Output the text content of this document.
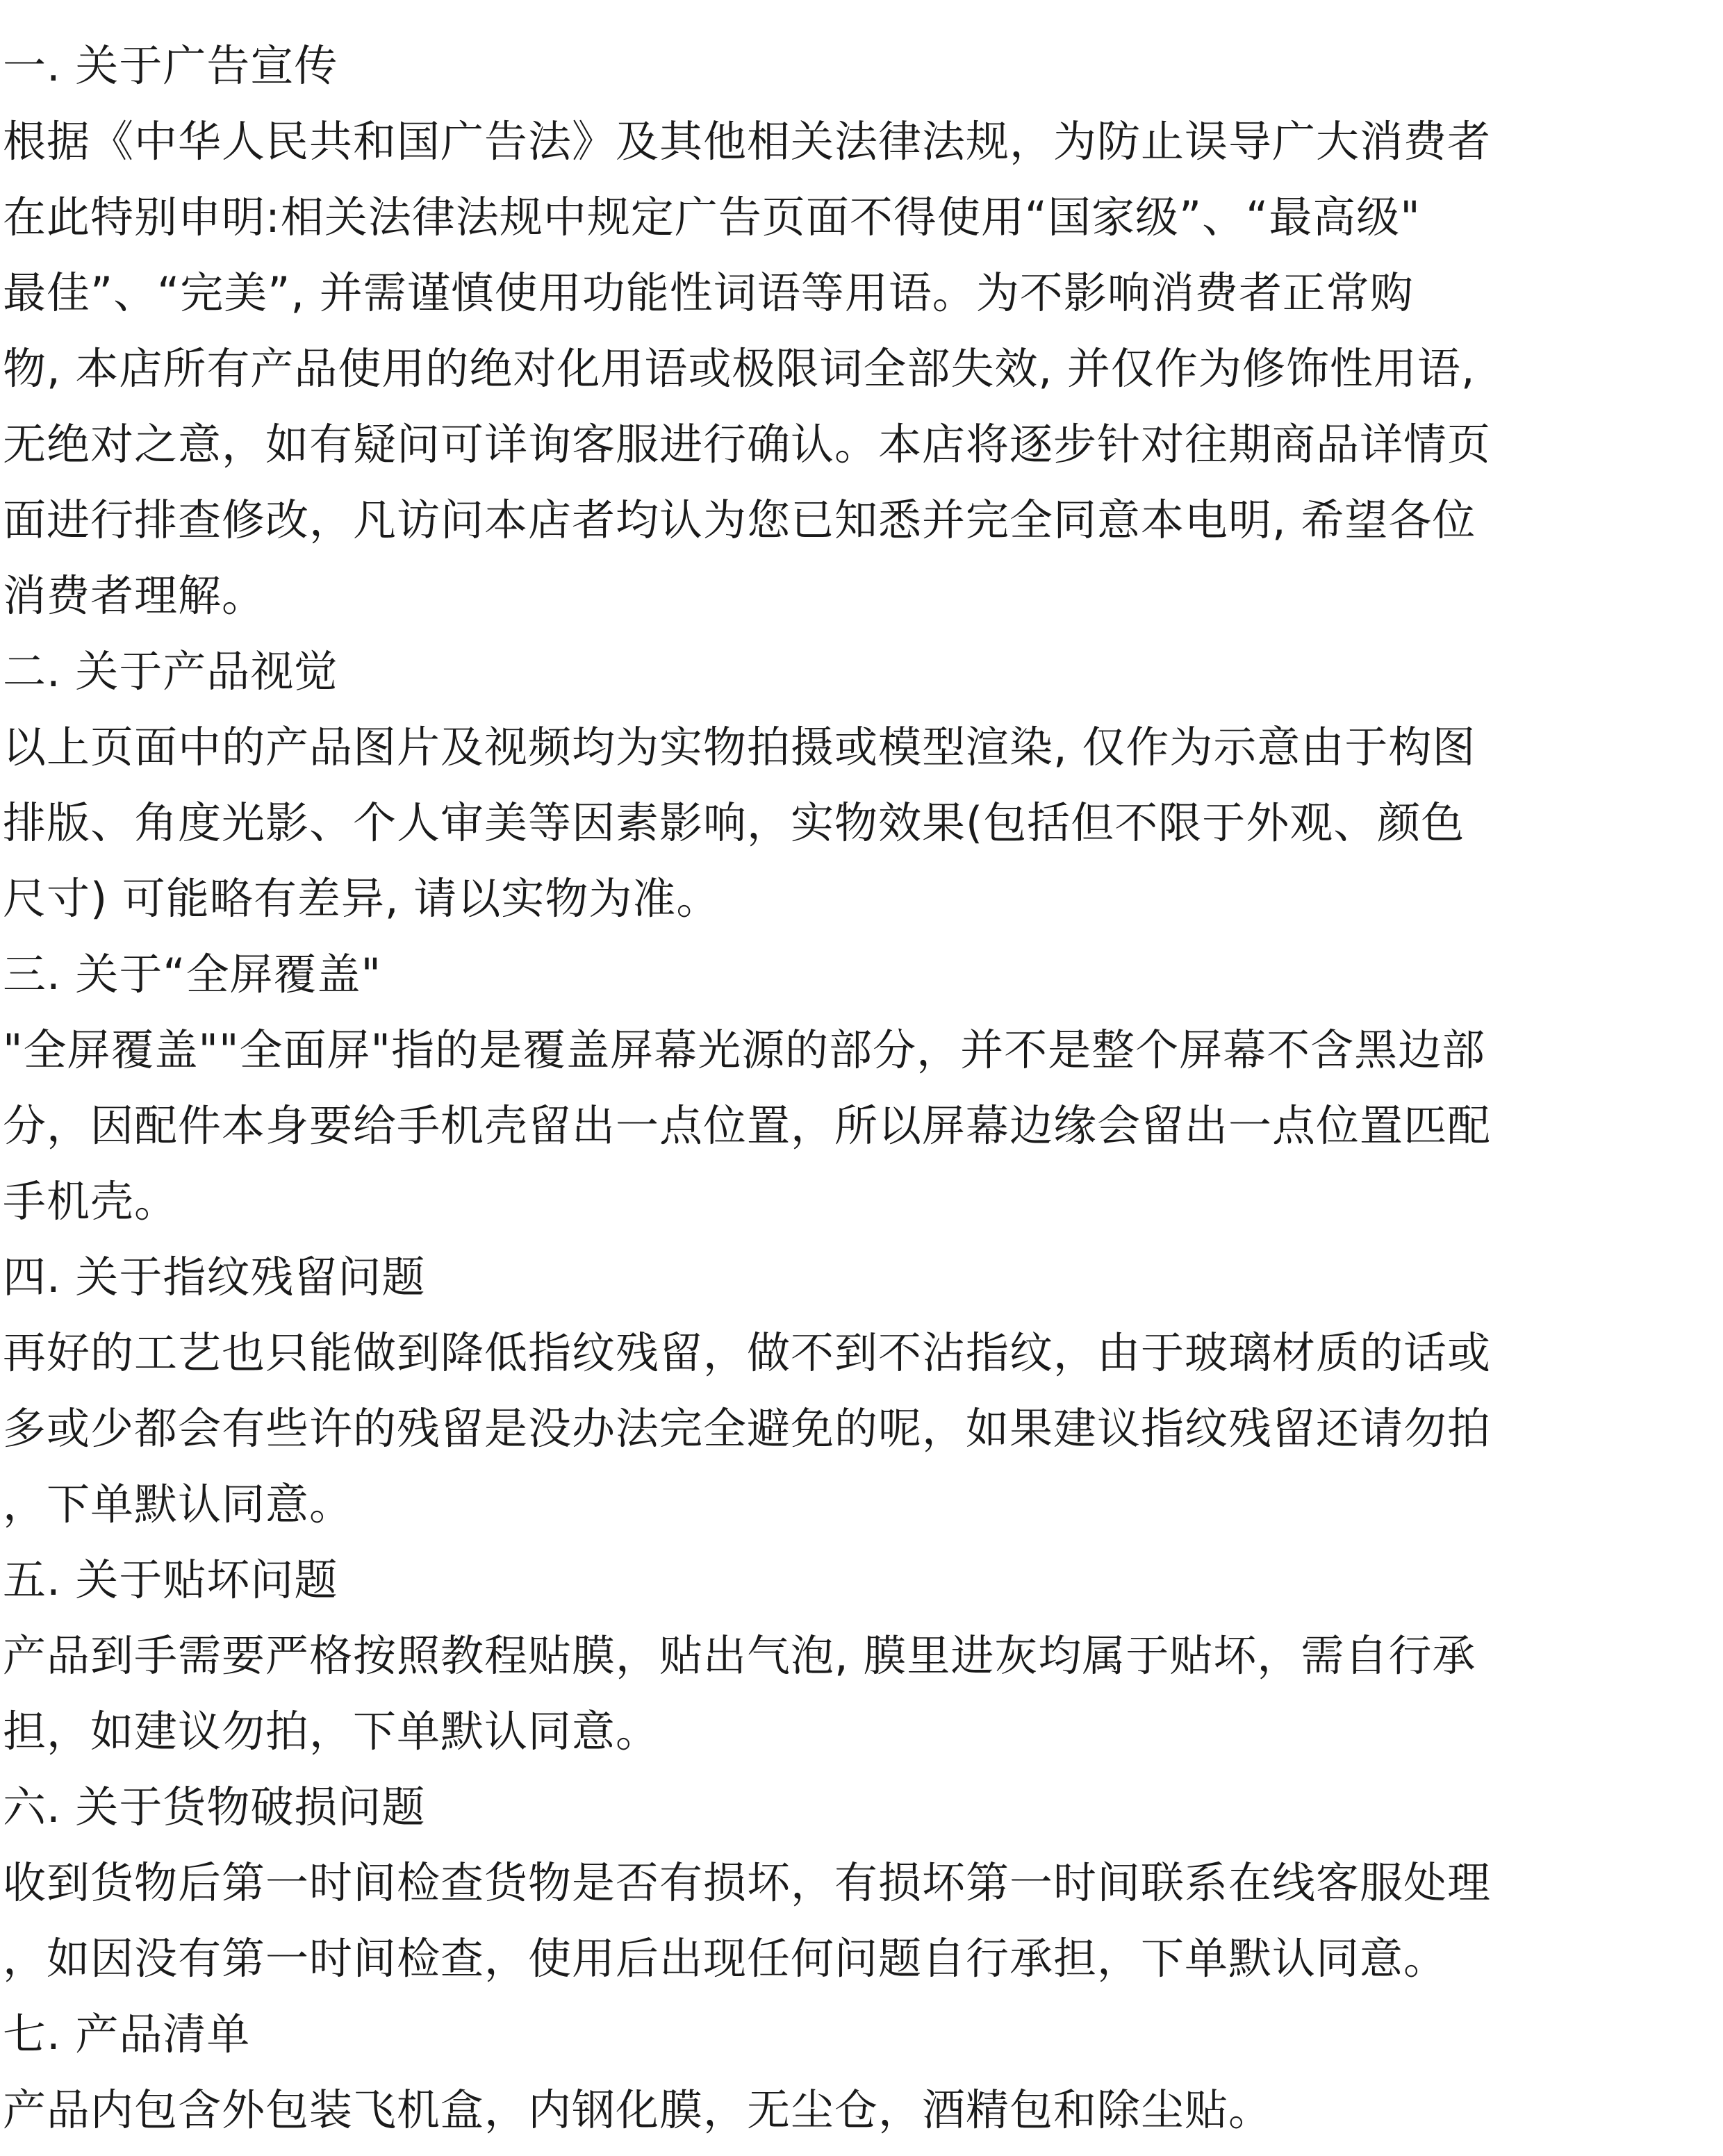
一. 关于广告宣传

根据《中华人民共和国广告法》及其他相关法律法规，为防止误导广大消费者

在此特别申明:相关法律法规中规定广告页面不得使用“国家级”、“最高级"

最佳”、“完美”, 并需谨慎使用功能性词语等用语。为不影响消费者正常购

物, 本店所有产品使用的绝对化用语或极限词全部失效, 并仅作为修饰性用语,

无绝对之意，如有疑问可详询客服进行确认。本店将逐步针对往期商品详情页

面进行排查修改，凡访问本店者均认为您已知悉并完全同意本电明, 希望各位

消费者理解。

二. 关于产品视觉

以上页面中的产品图片及视频均为实物拍摄或模型渲染, 仅作为示意由于构图

排版、角度光影、个人审美等因素影响，实物效果(包括但不限于外观、颜色

尺寸) 可能略有差异, 请以实物为准。

三. 关于“全屏覆盖"

"全屏覆盖""全面屏"指的是覆盖屏幕光源的部分，并不是整个屏幕不含黑边部

分，因配件本身要给手机壳留出一点位置，所以屏幕边缘会留出一点位置匹配

手机壳。

四. 关于指纹残留问题

再好的工艺也只能做到降低指纹残留，做不到不沾指纹，由于玻璃材质的话或

多或少都会有些许的残留是没办法完全避免的呢，如果建议指纹残留还请勿拍

，下单默认同意。

五. 关于贴坏问题

产品到手需要严格按照教程贴膜，贴出气泡, 膜里进灰均属于贴坏，需自行承

担，如建议勿拍，下单默认同意。

六. 关于货物破损问题

收到货物后第一时间检查货物是否有损坏，有损坏第一时间联系在线客服处理

，如因没有第一时间检查，使用后出现任何问题自行承担，下单默认同意。

七. 产品清单

产品内包含外包装飞机盒，内钢化膜，无尘仓，酒精包和除尘贴。
